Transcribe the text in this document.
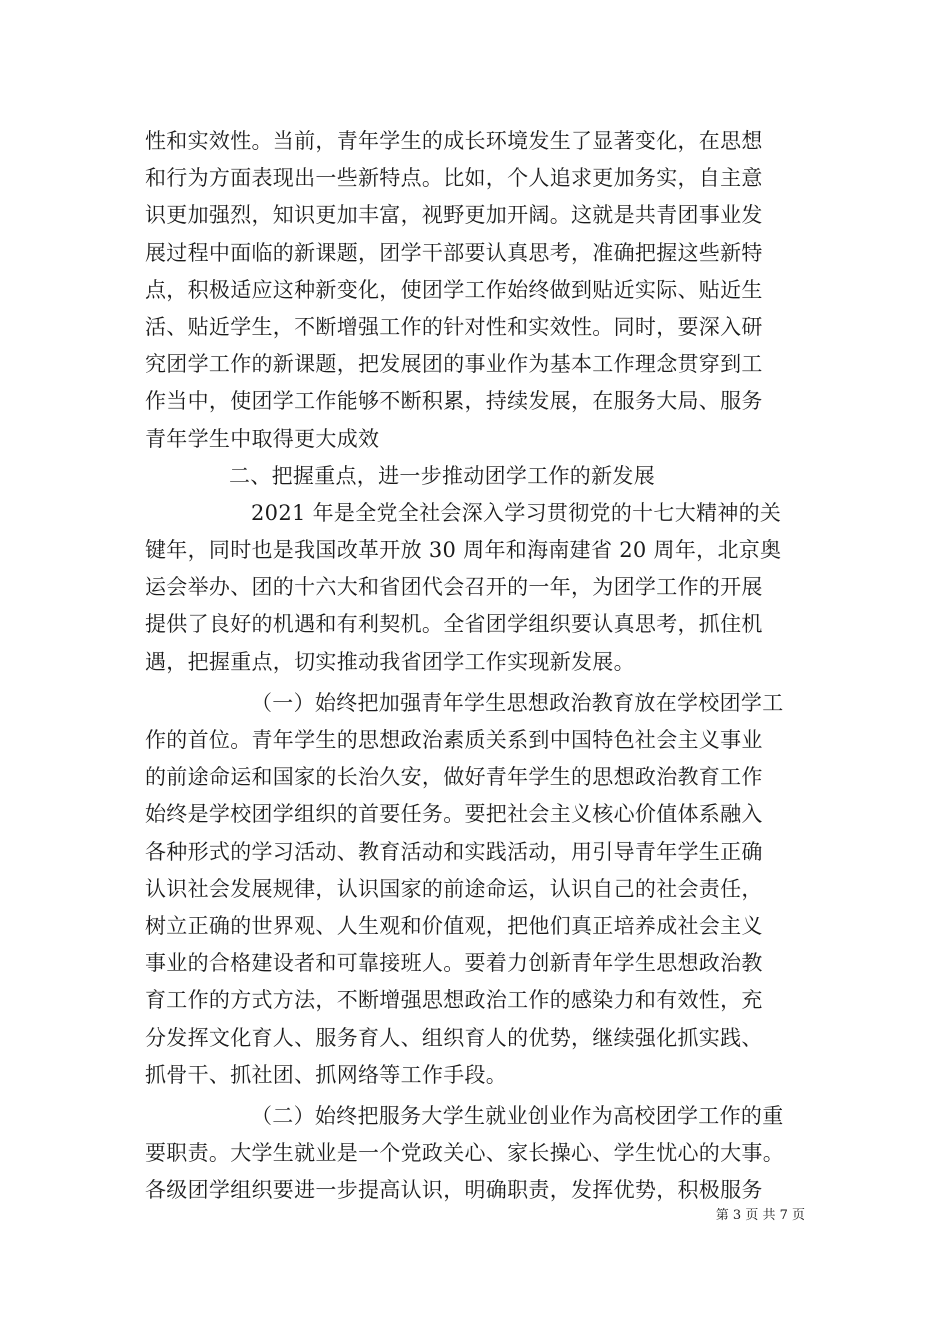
性和实效性。当前，青年学生的成长环境发生了显著变化，在思想
和行为方面表现出一些新特点。比如，个人追求更加务实，自主意
识更加强烈，知识更加丰富，视野更加开阔。这就是共青团事业发
展过程中面临的新课题，团学干部要认真思考，准确把握这些新特
点，积极适应这种新变化，使团学工作始终做到贴近实际、贴近生
活、贴近学生，不断增强工作的针对性和实效性。同时，要深入研
究团学工作的新课题，把发展团的事业作为基本工作理念贯穿到工
作当中，使团学工作能够不断积累，持续发展，在服务大局、服务
青年学生中取得更大成效
二、把握重点，进一步推动团学工作的新发展
2021 年是全党全社会深入学习贯彻党的十七大精神的关
键年，同时也是我国改革开放 30 周年和海南建省 20 周年，北京奥
运会举办、团的十六大和省团代会召开的一年，为团学工作的开展
提供了良好的机遇和有利契机。全省团学组织要认真思考，抓住机
遇，把握重点，切实推动我省团学工作实现新发展。
（一）始终把加强青年学生思想政治教育放在学校团学工
作的首位。青年学生的思想政治素质关系到中国特色社会主义事业
的前途命运和国家的长治久安，做好青年学生的思想政治教育工作
始终是学校团学组织的首要任务。要把社会主义核心价值体系融入
各种形式的学习活动、教育活动和实践活动，用引导青年学生正确
认识社会发展规律，认识国家的前途命运，认识自己的社会责任，
树立正确的世界观、人生观和价值观，把他们真正培养成社会主义
事业的合格建设者和可靠接班人。要着力创新青年学生思想政治教
育工作的方式方法，不断增强思想政治工作的感染力和有效性，充
分发挥文化育人、服务育人、组织育人的优势，继续强化抓实践、
抓骨干、抓社团、抓网络等工作手段。
（二）始终把服务大学生就业创业作为高校团学工作的重
要职责。大学生就业是一个党政关心、家长操心、学生忧心的大事。
各级团学组织要进一步提高认识，明确职责，发挥优势，积极服务
第 3 页 共 7 页
